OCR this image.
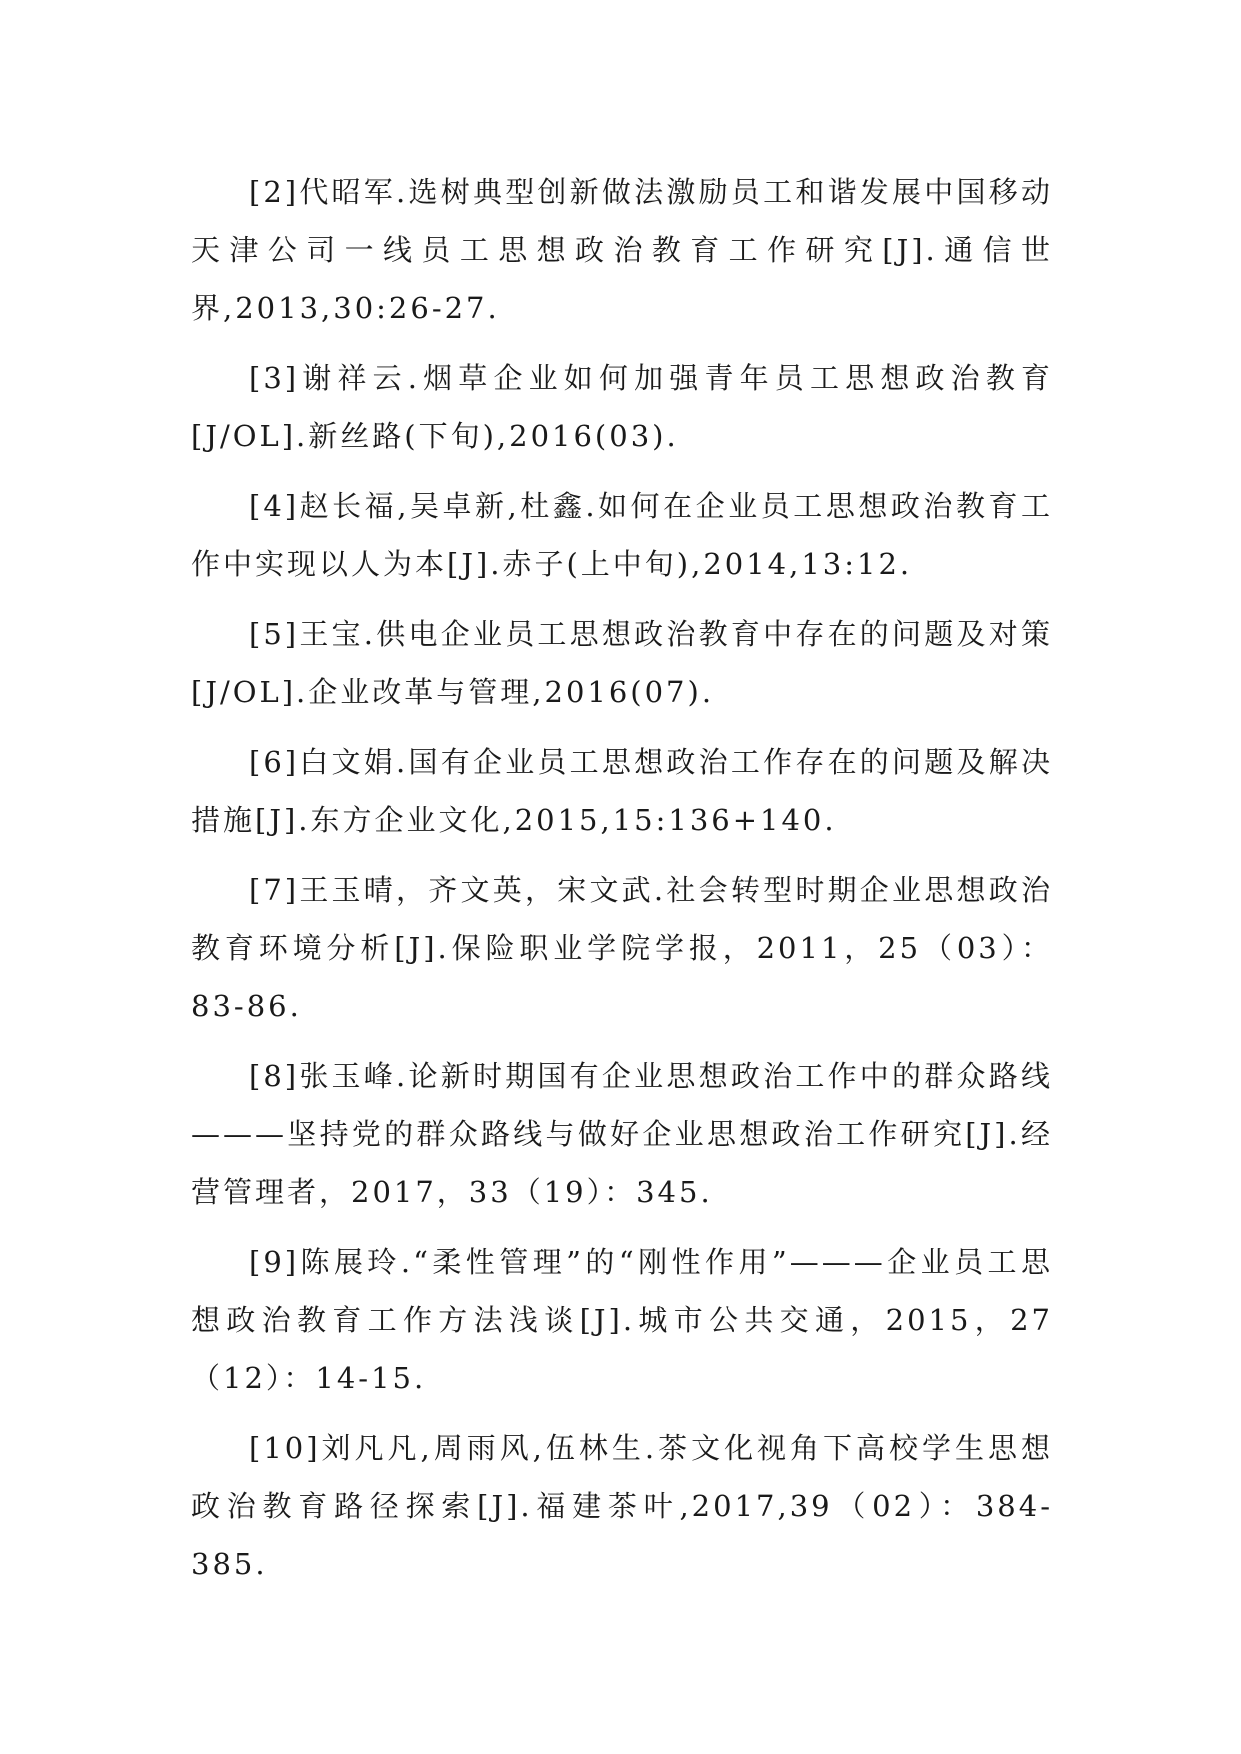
[2]代昭军.选树典型创新做法激励员工和谐发展中国移动天津公司一线员工思想政治教育工作研究[J].通信世界,2013,30:26-27.

[3]谢祥云.烟草企业如何加强青年员工思想政治教育[J/OL].新丝路(下旬),2016(03).

[4]赵长福,吴卓新,杜鑫.如何在企业员工思想政治教育工作中实现以人为本[J].赤子(上中旬),2014,13:12.

[5]王宝.供电企业员工思想政治教育中存在的问题及对策[J/OL].企业改革与管理,2016(07).

[6]白文娟.国有企业员工思想政治工作存在的问题及解决措施[J].东方企业文化,2015,15:136+140.

[7]王玉晴，齐文英，宋文武.社会转型时期企业思想政治教育环境分析[J].保险职业学院学报，2011，25（03）：83-86.

[8]张玉峰.论新时期国有企业思想政治工作中的群众路线———坚持党的群众路线与做好企业思想政治工作研究[J].经营管理者，2017，33（19）：345.

[9]陈展玲.“柔性管理”的“刚性作用”———企业员工思想政治教育工作方法浅谈[J].城市公共交通，2015，27（12）：14-15.

[10]刘凡凡,周雨风,伍林生.茶文化视角下高校学生思想政治教育路径探索[J].福建茶叶,2017,39（02）：384-385.
